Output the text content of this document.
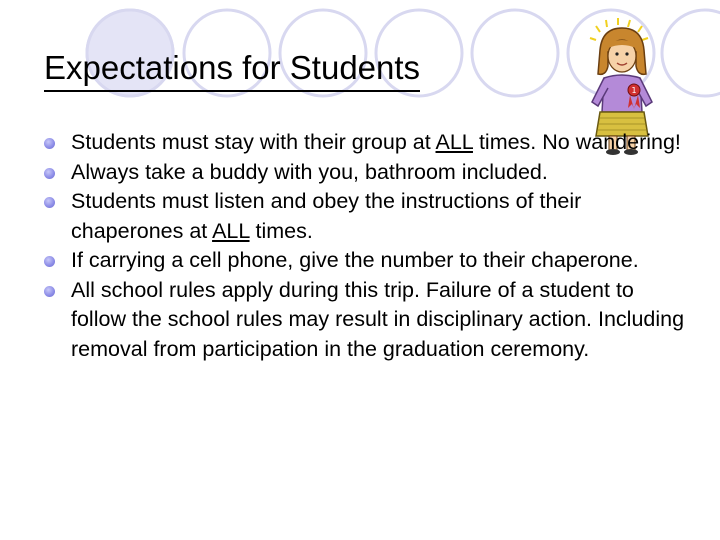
Expectations for Students
1
Students must stay with their group at ALL times. No wandering!
Always take a buddy with you, bathroom included.
Students must listen and obey the instructions of their chaperones at ALL times.
If carrying a cell phone, give the number to their chaperone.
All school rules apply during this trip. Failure of a student to follow the school rules may result in disciplinary action. Including removal from participation in the graduation ceremony.
